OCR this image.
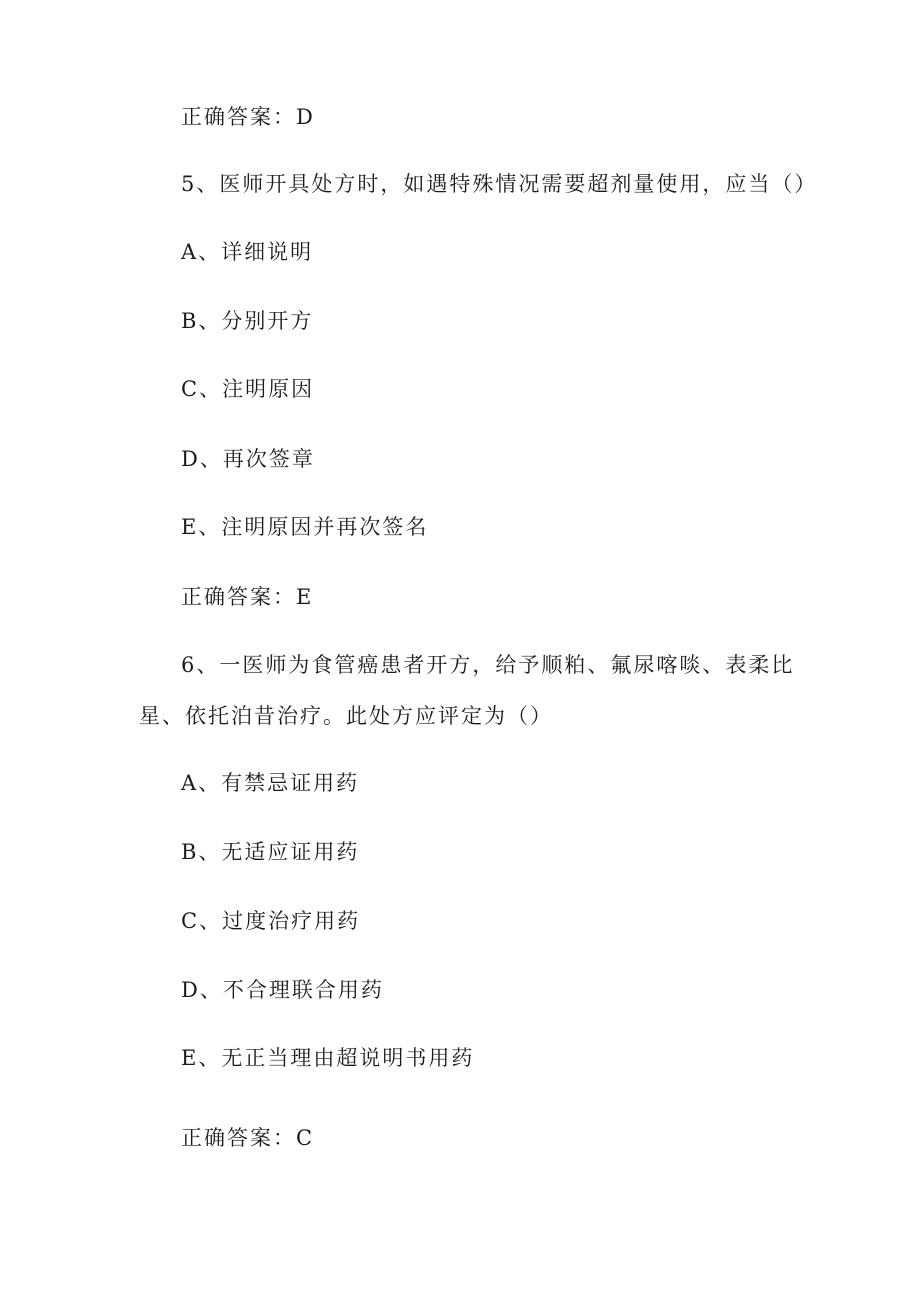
正确答案：D
5、医师开具处方时，如遇特殊情况需要超剂量使用，应当（）
A、详细说明
B、分别开方
C、注明原因
D、再次签章
E、注明原因并再次签名
正确答案：E
6、一医师为食管癌患者开方，给予顺粕、氟尿喀啖、表柔比
星、依托泊昔治疗。此处方应评定为（）
A、有禁忌证用药
B、无适应证用药
C、过度治疗用药
D、不合理联合用药
E、无正当理由超说明书用药
正确答案：C
